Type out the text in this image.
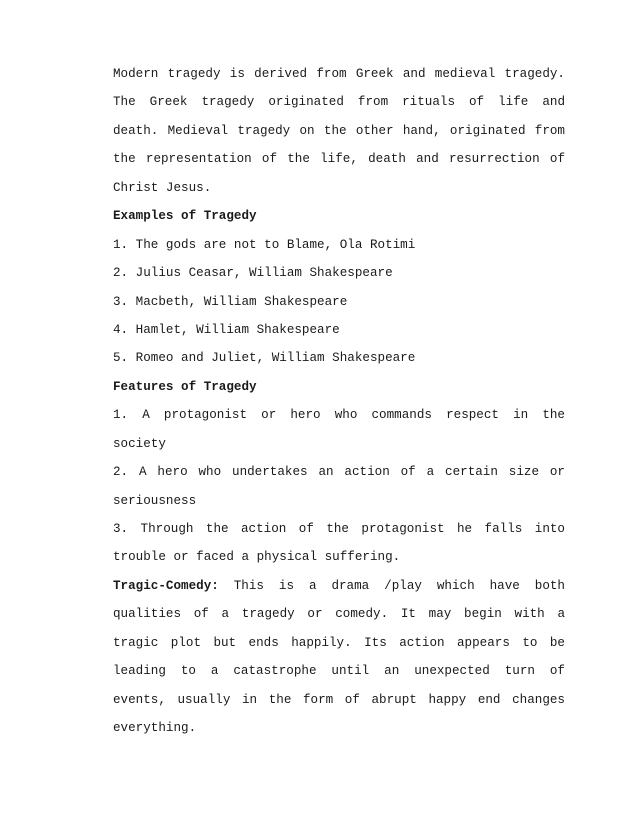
Modern tragedy is derived from Greek and medieval tragedy.
The Greek tragedy originated from rituals of life and
death. Medieval tragedy on the other hand, originated from
the representation of the life, death and resurrection of
Christ Jesus.
Examples of Tragedy
1. The gods are not to Blame, Ola Rotimi
2. Julius Ceasar, William Shakespeare
3. Macbeth, William Shakespeare
4. Hamlet, William Shakespeare
5. Romeo and Juliet, William Shakespeare
Features of Tragedy
1. A protagonist or hero who commands respect in the
society
2. A hero who undertakes an action of a certain size or
seriousness
3. Through the action of the protagonist he falls into
trouble or faced a physical suffering.
Tragic-Comedy: This is a drama /play which have both
qualities of a tragedy or comedy. It may begin with a
tragic plot but ends happily. Its action appears to be
leading to a catastrophe until an unexpected turn of
events, usually in the form of abrupt happy end changes
everything.
